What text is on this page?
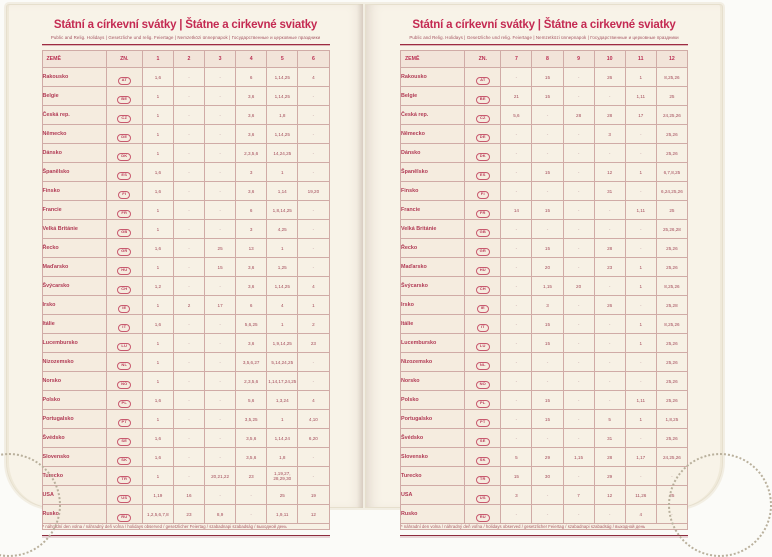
Státní a církevní svátky | Štátne a cirkevné sviatky
Public and Relig. Holidays | Gesetzliche und relig. Feiertage | Nemzetközi ünnepnapok | Государственные и церковные праздники
ZEMĚ	ZN.	1	2	3	4	5	6
Rakousko	AT	1,6	-	-	6	1,14,25	4
Belgie	BE	1	-	-	3,6	1,14,25	-
Česká rep.	CZ	1	-	-	3,6	1,8	-
Německo	DE	1	-	-	3,6	1,14,25	-
Dánsko	DK	1	-	-	2,3,5,6	14,24,25	-
Španělsko	ES	1,6	-	-	3	1	-
Finsko	FI	1,6	-	-	3,6	1,14	19,20
Francie	FR	1	-	-	6	1,8,14,25	-
Velká Británie	GB	1	-	-	3	4,25	-
Řecko	GR	1,6	-	25	13	1	-
Maďarsko	HU	1	-	15	3,6	1,25	-
Švýcarsko	CH	1,2	-	-	3,6	1,14,25	4
Irsko	IE	1	2	17	6	4	1
Itálie	IT	1,6	-	-	5,6,25	1	2
Lucembursko	LU	1	-	-	3,6	1,9,14,25	23
Nizozemsko	NL	1	-	-	3,5,6,27	5,14,24,25	-
Norsko	NO	1	-	-	2,3,5,6	1,14,17,24,25	-
Polsko	PL	1,6	-	-	5,6	1,3,24	4
Portugalsko	PT	1	-	-	3,5,25	1	4,10
Švédsko	SE	1,6	-	-	3,5,6	1,14,24	6,20
Slovensko	SK	1,6	-	-	3,5,6	1,8	-
Turecko	TR	1	-	20,21,22	23	1,19,27, 28,29,30	-
USA	US	1,19	16	-	-	25	19
Rusko	RU	1,2,5,6,7,8	23	8,9	-	1,9,11	12
* náhradní den volna / náhradný deň voľna / holidays observed / gesetzlicher Feiertag / szabadnapi szabadság / выходной день							
Státní a církevní svátky | Štátne a cirkevné sviatky
Public and Relig. Holidays | Gesetzliche und relig. Feiertage | Nemzetközi ünnepnapok | Государственные и церковные праздники
ZEMĚ	ZN.	7	8	9	10	11	12
Rakousko	AT	-	15	-	26	1	8,25,26
Belgie	BE	21	15	-	-	1,11	25
Česká rep.	CZ	5,6	-	28	28	17	24,25,26
Německo	DE	-	-	-	3	-	25,26
Dánsko	DK	-	-	-	-	-	25,26
Španělsko	ES	-	15	-	12	1	6,7,8,25
Finsko	FI	-	-	-	31	-	6,24,25,26
Francie	FR	14	15	-	-	1,11	25
Velká Británie	GB	-	-	-	-	-	25,26,28
Řecko	GR	-	15	-	28	-	25,26
Maďarsko	HU	-	20	-	23	1	25,26
Švýcarsko	CH	-	1,15	20	-	1	8,25,26
Irsko	IE	-	3	-	26	-	25,28
Itálie	IT	-	15	-	-	1	8,25,26
Lucembursko	LU	-	15	-	-	1	25,26
Nizozemsko	NL	-	-	-	-	-	25,26
Norsko	NO	-	-	-	-	-	25,26
Polsko	PL	-	15	-	-	1,11	25,26
Portugalsko	PT	-	15	-	5	1	1,8,25
Švédsko	SE	-	-	-	31	-	25,26
Slovensko	SK	5	29	1,15	28	1,17	24,25,26
Turecko	TR	15	30	-	29	-	-
USA	US	3	-	7	12	11,26	25
Rusko	RU	-	-	-	-	4	-
* náhradní den volna / náhradný deň voľna / holidays observed / gesetzlicher Feiertag / szabadnapi szabadság / выходной день							
